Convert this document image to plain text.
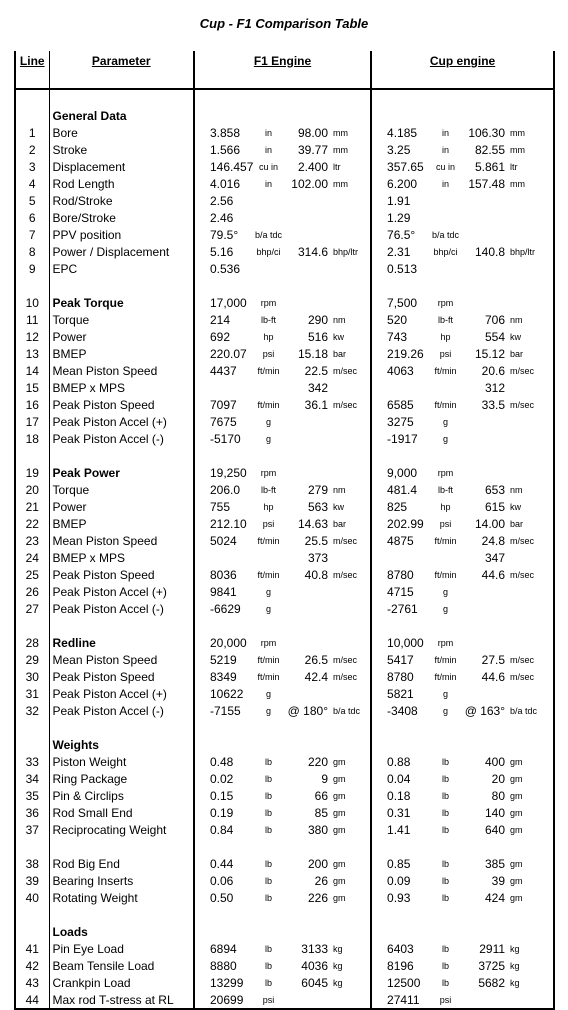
Cup - F1 Comparison Table
Line	Parameter	F1 Engine				Cup engine			

	General Data								
1	Bore	3.858	in	98.00	mm	4.185	in	106.30	mm
2	Stroke	1.566	in	39.77	mm	3.25	in	82.55	mm
3	Displacement	146.457	cu in	2.400	ltr	357.65	cu in	5.861	ltr
4	Rod Length	4.016	in	102.00	mm	6.200	in	157.48	mm
5	Rod/Stroke	2.56				1.91			
6	Bore/Stroke	2.46				1.29			
7	PPV position	79.5°	b/a tdc			76.5°	b/a tdc		
8	Power / Displacement	5.16	bhp/ci	314.6	bhp/ltr	2.31	bhp/ci	140.8	bhp/ltr
9	EPC	0.536				0.513			

10	Peak Torque	17,000	rpm			7,500	rpm		
11	Torque	214	lb-ft	290	nm	520	lb-ft	706	nm
12	Power	692	hp	516	kw	743	hp	554	kw
13	BMEP	220.07	psi	15.18	bar	219.26	psi	15.12	bar
14	Mean Piston Speed	4437	ft/min	22.5	m/sec	4063	ft/min	20.6	m/sec
15	BMEP x MPS			342				312	
16	Peak Piston Speed	7097	ft/min	36.1	m/sec	6585	ft/min	33.5	m/sec
17	Peak Piston Accel (+)	7675	g			3275	g		
18	Peak Piston Accel (-)	-5170	g			-1917	g		

19	Peak Power	19,250	rpm			9,000	rpm		
20	Torque	206.0	lb-ft	279	nm	481.4	lb-ft	653	nm
21	Power	755	hp	563	kw	825	hp	615	kw
22	BMEP	212.10	psi	14.63	bar	202.99	psi	14.00	bar
23	Mean Piston Speed	5024	ft/min	25.5	m/sec	4875	ft/min	24.8	m/sec
24	BMEP x MPS			373				347	
25	Peak Piston Speed	8036	ft/min	40.8	m/sec	8780	ft/min	44.6	m/sec
26	Peak Piston Accel (+)	9841	g			4715	g		
27	Peak Piston Accel (-)	-6629	g			-2761	g		

28	Redline	20,000	rpm			10,000	rpm		
29	Mean Piston Speed	5219	ft/min	26.5	m/sec	5417	ft/min	27.5	m/sec
30	Peak Piston Speed	8349	ft/min	42.4	m/sec	8780	ft/min	44.6	m/sec
31	Peak Piston Accel (+)	10622	g			5821	g		
32	Peak Piston Accel (-)	-7155	g	@ 180°	b/a tdc	-3408	g	@ 163°	b/a tdc

	Weights								
33	Piston Weight	0.48	lb	220	gm	0.88	lb	400	gm
34	Ring Package	0.02	lb	9	gm	0.04	lb	20	gm
35	Pin & Circlips	0.15	lb	66	gm	0.18	lb	80	gm
36	Rod Small End	0.19	lb	85	gm	0.31	lb	140	gm
37	Reciprocating Weight	0.84	lb	380	gm	1.41	lb	640	gm

38	Rod Big End	0.44	lb	200	gm	0.85	lb	385	gm
39	Bearing Inserts	0.06	lb	26	gm	0.09	lb	39	gm
40	Rotating Weight	0.50	lb	226	gm	0.93	lb	424	gm

	Loads								
41	Pin Eye Load	6894	lb	3133	kg	6403	lb	2911	kg
42	Beam Tensile Load	8880	lb	4036	kg	8196	lb	3725	kg
43	Crankpin Load	13299	lb	6045	kg	12500	lb	5682	kg
44	Max rod T-stress at RL	20699	psi			27411	psi		
